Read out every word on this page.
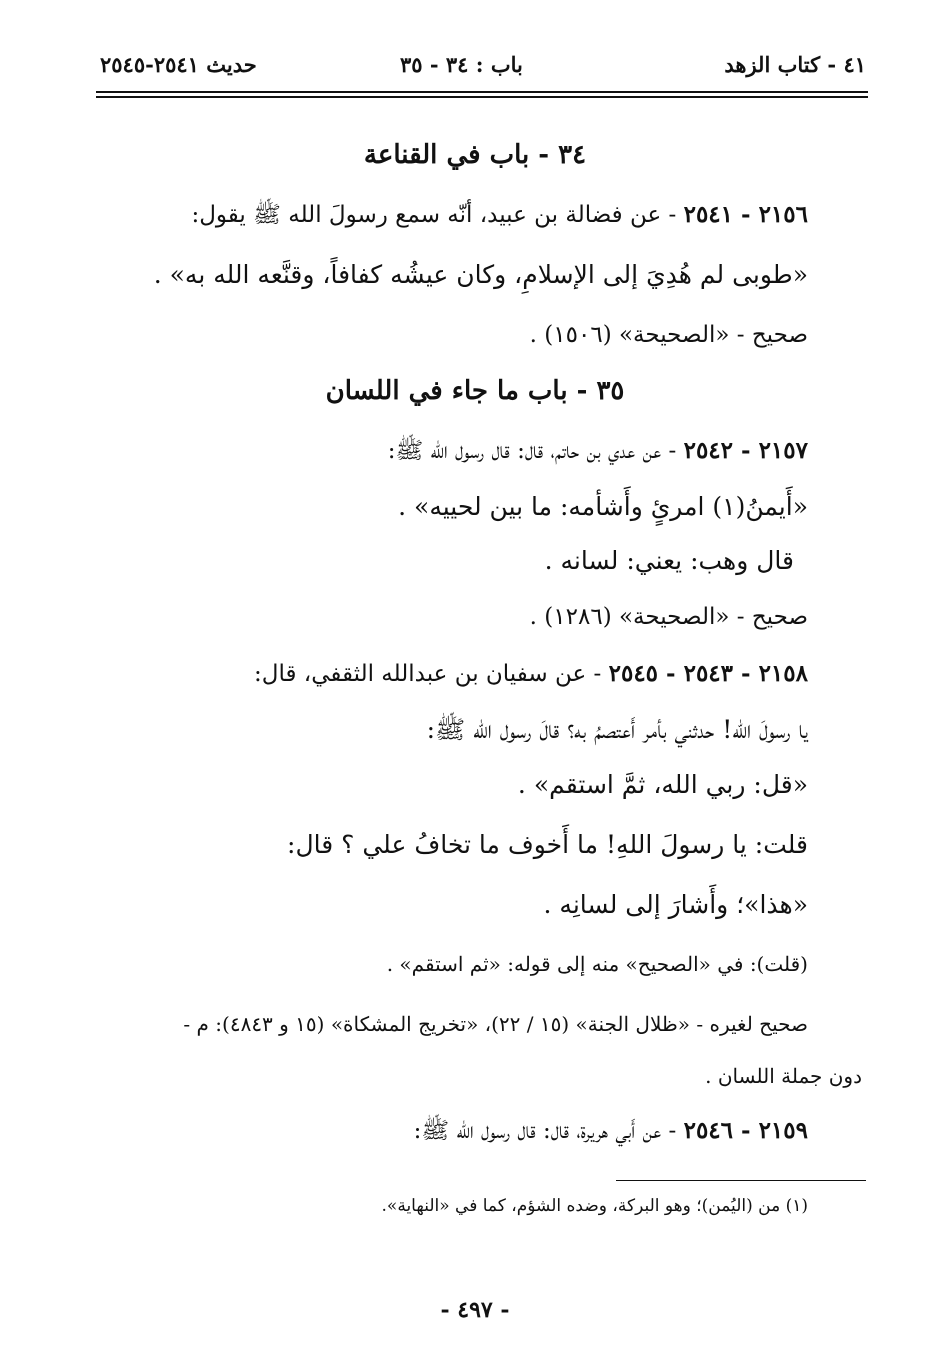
٤١ - كتاب الزهد
باب : ٣٤ - ٣٥
حديث ٢٥٤١-٢٥٤٥
٣٤ - باب في القناعة
٢١٥٦ - ٢٥٤١ - عن فضالة بن عبيد، أنّه سمع رسولَ الله ﷺ يقول:
«طوبى لم هُدِيَ إلى الإسلامِ، وكان عيشُه كفافاً، وقنَّعه الله به» .
صحيح - «الصحيحة» (١٥٠٦) .
٣٥ - باب ما جاء في اللسان
٢١٥٧ - ٢٥٤٢ - عن عدي بن حاتم، قال: قال رسول الله ﷺ:
«أَيمنُ(١) امرئٍ وأَشأمه: ما بين لحييه» .
قال وهب: يعني: لسانه .
صحيح - «الصحيحة» (١٢٨٦) .
٢١٥٨ - ٢٥٤٣ - ٢٥٤٥ - عن سفيان بن عبدالله الثقفي، قال:
يا رسولَ الله! حدثني بأمر أَعتصمُ به؟ قالَ رسول الله ﷺ:
«قل: ربي الله، ثمَّ استقم» .
قلت: يا رسولَ اللهِ! ما أَخوف ما تخافُ علي ؟ قال:
«هذا»؛ وأَشارَ إلى لسانِه .
(قلت): في «الصحيح» منه إلى قوله: «ثم استقم» .
صحيح لغيره - «ظلال الجنة» (١٥ / ٢٢)، «تخريج المشكاة» (١٥ و ٤٨٤٣): م -
دون جملة اللسان .
٢١٥٩ - ٢٥٤٦ - عن أَبي هريرة، قال: قال رسول الله ﷺ:
(١) من (اليُمن)؛ وهو البركة، وضده الشؤم، كما في «النهاية».
- ٤٩٧ -
